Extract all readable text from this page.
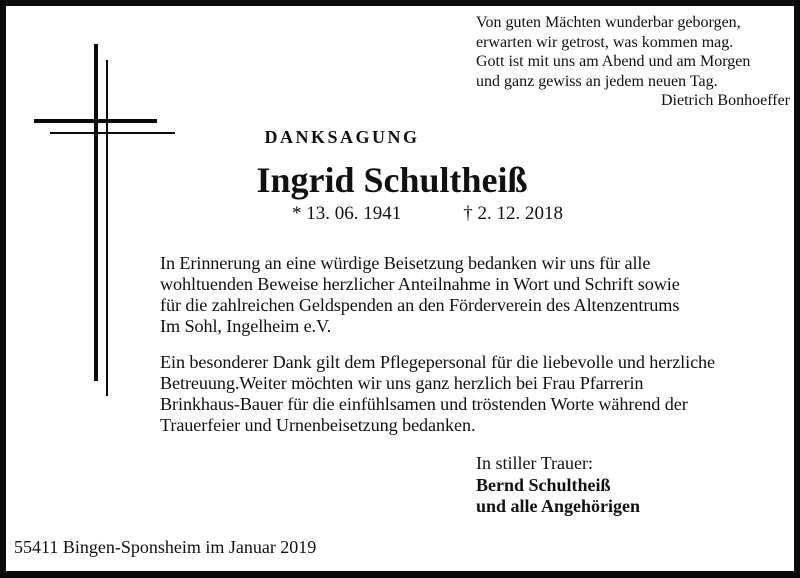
Von guten Mächten wunderbar geborgen,
erwarten wir getrost, was kommen mag.
Gott ist mit uns am Abend und am Morgen
und ganz gewiss an jedem neuen Tag.
Dietrich Bonhoeffer
DANKSAGUNG
Ingrid Schultheiß
* 13. 06. 1941	† 2. 12. 2018
In Erinnerung an eine würdige Beisetzung bedanken wir uns für alle
wohltuenden Beweise herzlicher Anteilnahme in Wort und Schrift sowie
für die zahlreichen Geldspenden an den Förderverein des Altenzentrums
Im Sohl, Ingelheim e.V.
Ein besonderer Dank gilt dem Pflegepersonal für die liebevolle und herzliche
Betreuung.Weiter möchten wir uns ganz herzlich bei Frau Pfarrerin
Brinkhaus-Bauer für die einfühlsamen und tröstenden Worte während der
Trauerfeier und Urnenbeisetzung bedanken.
In stiller Trauer:
Bernd Schultheiß
und alle Angehörigen
55411 Bingen-Sponsheim im Januar 2019
